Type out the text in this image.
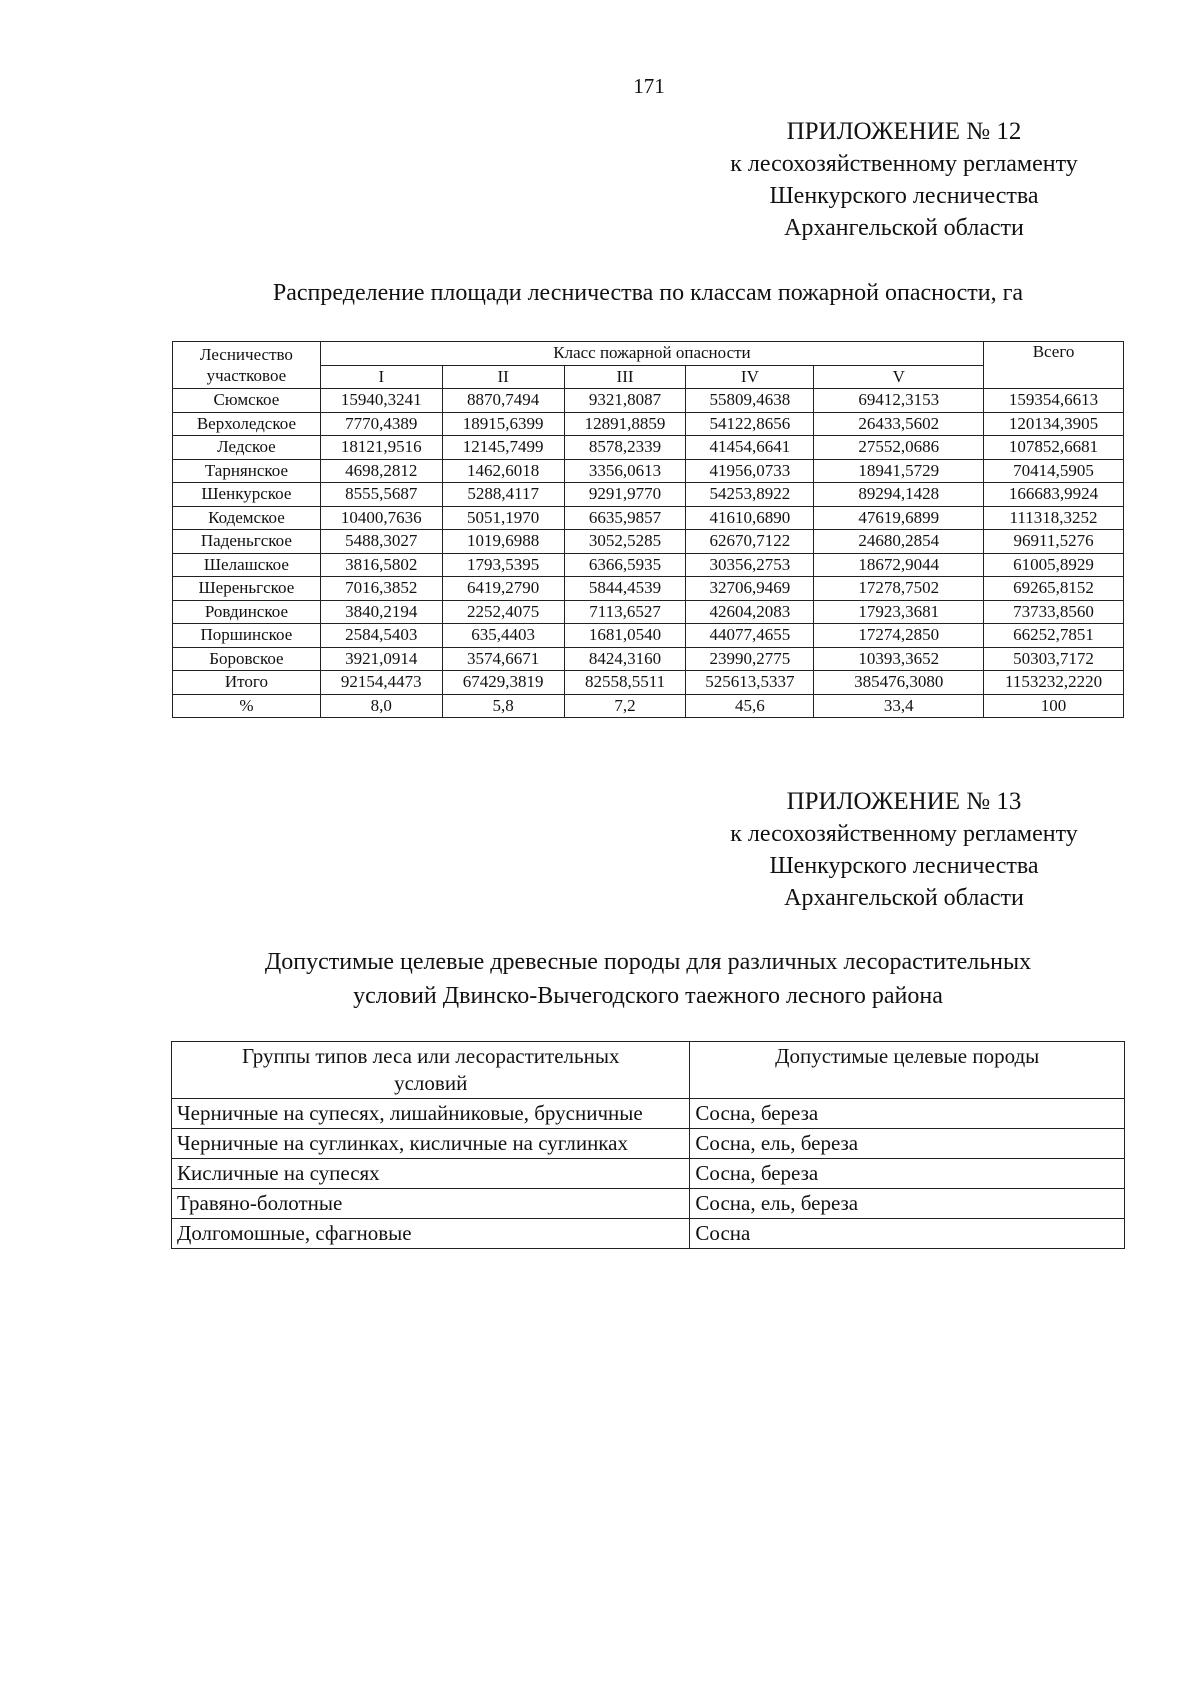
171
ПРИЛОЖЕНИЕ № 12
к лесохозяйственному регламенту
Шенкурского лесничества
Архангельской области
Распределение площади лесничества по классам пожарной опасности, га
Лесничество участковое	Класс пожарной опасности					Всего
	I	II	III	IV	V	
Сюмское	15940,3241	8870,7494	9321,8087	55809,4638	69412,3153	159354,6613
Верхоледское	7770,4389	18915,6399	12891,8859	54122,8656	26433,5602	120134,3905
Ледское	18121,9516	12145,7499	8578,2339	41454,6641	27552,0686	107852,6681
Тарнянское	4698,2812	1462,6018	3356,0613	41956,0733	18941,5729	70414,5905
Шенкурское	8555,5687	5288,4117	9291,9770	54253,8922	89294,1428	166683,9924
Кодемское	10400,7636	5051,1970	6635,9857	41610,6890	47619,6899	111318,3252
Паденьгское	5488,3027	1019,6988	3052,5285	62670,7122	24680,2854	96911,5276
Шелашское	3816,5802	1793,5395	6366,5935	30356,2753	18672,9044	61005,8929
Шереньгское	7016,3852	6419,2790	5844,4539	32706,9469	17278,7502	69265,8152
Ровдинское	3840,2194	2252,4075	7113,6527	42604,2083	17923,3681	73733,8560
Поршинское	2584,5403	635,4403	1681,0540	44077,4655	17274,2850	66252,7851
Боровское	3921,0914	3574,6671	8424,3160	23990,2775	10393,3652	50303,7172
Итого	92154,4473	67429,3819	82558,5511	525613,5337	385476,3080	1153232,2220
%	8,0	5,8	7,2	45,6	33,4	100
ПРИЛОЖЕНИЕ № 13
к лесохозяйственному регламенту
Шенкурского лесничества
Архангельской области
Допустимые целевые древесные породы для различных лесорастительных
условий Двинско-Вычегодского таежного лесного района
Группы типов леса или лесорастительных условий	Допустимые целевые породы
Черничные на супесях, лишайниковые, брусничные	Сосна, береза
Черничные на суглинках, кисличные на суглинках	Сосна, ель, береза
Кисличные на супесях	Сосна, береза
Травяно-болотные	Сосна, ель, береза
Долгомошные, сфагновые	Сосна
